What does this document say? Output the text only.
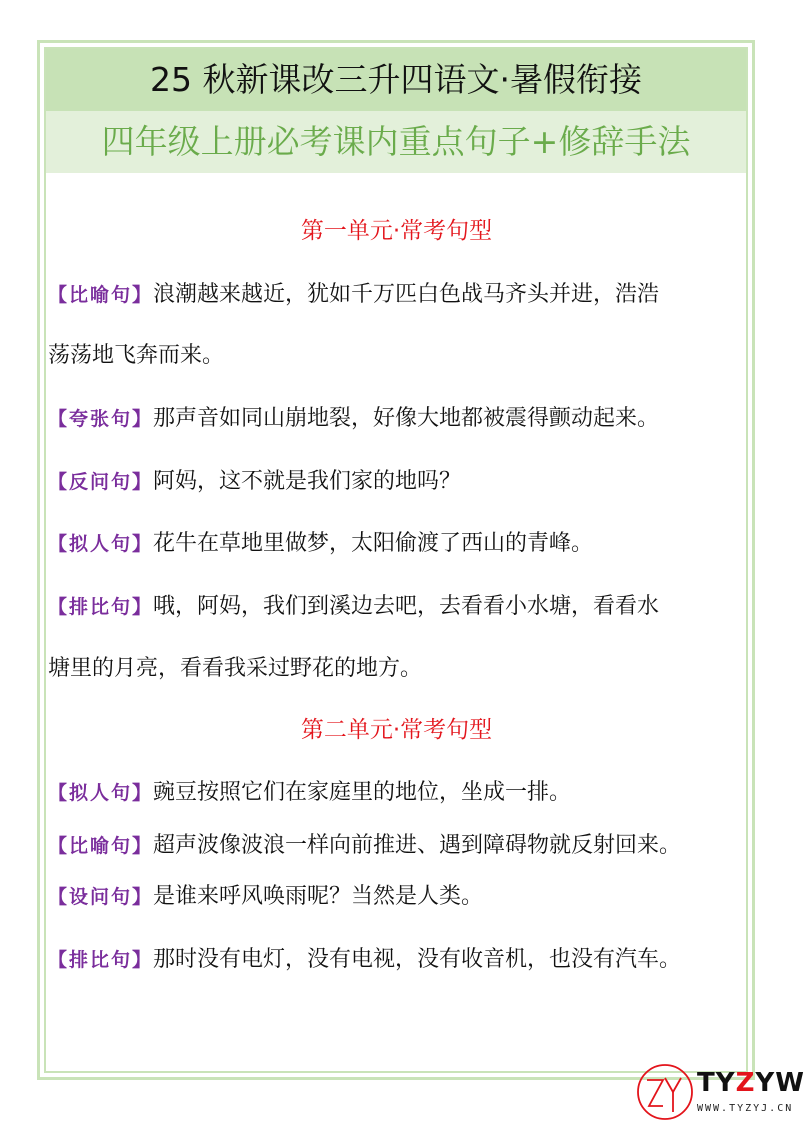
25 秋新课改三升四语文·暑假衔接
四年级上册必考课内重点句子+修辞手法
第一单元·常考句型
【比喻句】浪潮越来越近，犹如千万匹白色战马齐头并进，浩浩
荡荡地飞奔而来。
【夸张句】那声音如同山崩地裂，好像大地都被震得颤动起来。
【反问句】阿妈，这不就是我们家的地吗？
【拟人句】花牛在草地里做梦，太阳偷渡了西山的青峰。
【排比句】哦，阿妈，我们到溪边去吧，去看看小水塘，看看水
塘里的月亮，看看我采过野花的地方。
第二单元·常考句型
【拟人句】豌豆按照它们在家庭里的地位，坐成一排。
【比喻句】超声波像波浪一样向前推进、遇到障碍物就反射回来。
【设问句】是谁来呼风唤雨呢？当然是人类。
【排比句】那时没有电灯，没有电视，没有收音机，也没有汽车。
TYZYW
WWW.TYZYJ.CN
